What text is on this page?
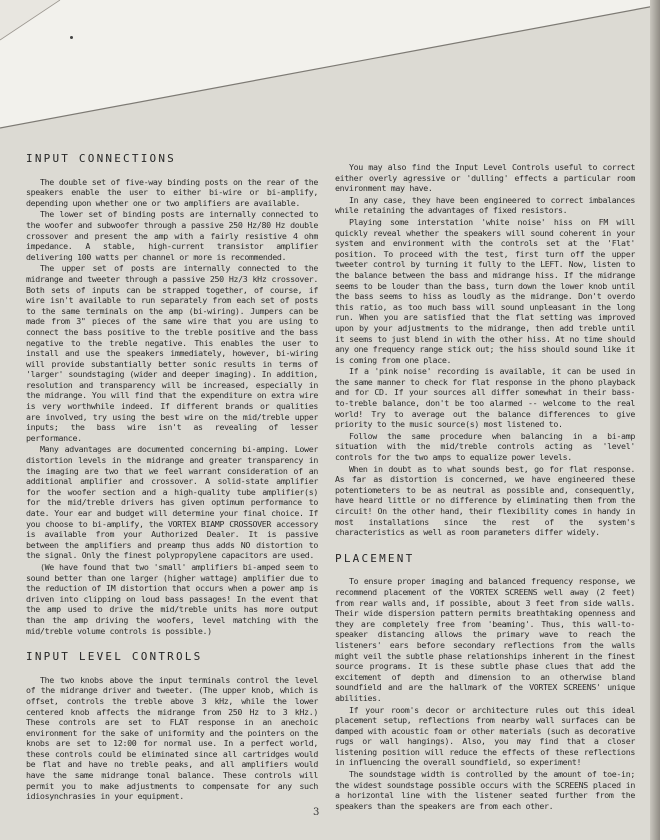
INPUT CONNECTIONS

The double set of five-way binding posts on the rear of the speakers enable the user to either bi-wire or bi-amplify, depending upon whether one or two amplifiers are available.

The lower set of binding posts are internally connected to the woofer and subwoofer through a passive 250 Hz/80 Hz double crossover and present the amp with a fairly resistive 4 ohm impedance. A stable, high-current transistor amplifier delivering 100 watts per channel or more is recommended.

The upper set of posts are internally connected to the midrange and tweeter through a passive 250 Hz/3 kHz crossover. Both sets of inputs can be strapped together, of course, if wire isn't available to run separately from each set of posts to the same terminals on the amp (bi-wiring). Jumpers can be made from 3" pieces of the same wire that you are using to connect the bass positive to the treble positive and the bass negative to the treble negative. This enables the user to install and use the speakers immediately, however, bi-wiring will provide substantially better sonic results in terms of 'larger' soundstaging (wider and deeper imaging). In addition, resolution and transparency will be increased, especially in the midrange. You will find that the expenditure on extra wire is very worthwhile indeed. If different brands or qualities are involved, try using the best wire on the mid/treble upper inputs; the bass wire isn't as revealing of lesser performance.

Many advantages are documented concerning bi-amping. Lower distortion levels in the midrange and greater transparency in the imaging are two that we feel warrant consideration of an additional amplifier and crossover. A solid-state amplifier for the woofer section and a high-quality tube amplifier(s) for the mid/treble drivers has given optimum performance to date. Your ear and budget will determine your final choice. If you choose to bi-amplify, the VORTEX BIAMP CROSSOVER accessory is available from your Authorized Dealer. It is passive between the amplifiers and preamp thus adds NO distortion to the signal. Only the finest polypropylene capacitors are used.

(We have found that two 'small' amplifiers bi-amped seem to sound better than one larger (higher wattage) amplifier due to the reduction of IM distortion that occurs when a power amp is driven into clipping on loud bass passages! In the event that the amp used to drive the mid/treble units has more output than the amp driving the woofers, level matching with the mid/treble volume controls is possible.)

INPUT LEVEL CONTROLS

The two knobs above the input terminals control the level of the midrange driver and tweeter. (The upper knob, which is offset, controls the treble above 3 kHz, while the lower centered knob affects the midrange from 250 Hz to 3 kHz.) These controls are set to FLAT response in an anechoic environment for the sake of uniformity and the pointers on the knobs are set to 12:00 for normal use. In a perfect world, these controls could be eliminated since all cartridges would be flat and have no treble peaks, and all amplifiers would have the same midrange tonal balance. These controls will permit you to make adjustments to compensate for any such idiosynchrasies in your equipment.

You may also find the Input Level Controls useful to correct either overly agressive or 'dulling' effects a particular room environment may have.

In any case, they have been engineered to correct imbalances while retaining the advantages of fixed resistors.

Playing some interstation 'white noise' hiss on FM will quickly reveal whether the speakers will sound coherent in your system and environment with the controls set at the 'Flat' position. To proceed with the test, first turn off the upper tweeter control by turning it fully to the LEFT. Now, listen to the balance between the bass and midrange hiss. If the midrange seems to be louder than the bass, turn down the lower knob until the bass seems to hiss as loudly as the midrange. Don't overdo this ratio, as too much bass will sound unpleasant in the long run. When you are satisfied that the flat setting was improved upon by your adjustments to the midrange, then add treble until it seems to just blend in with the other hiss. At no time should any one frequency range stick out; the hiss should sound like it is coming from one place.

If a 'pink noise' recording is available, it can be used in the same manner to check for flat response in the phono playback and for CD. If your sources all differ somewhat in their bass-to-treble balance, don't be too alarmed -- welcome to the real world! Try to average out the balance differences to give priority to the music source(s) most listened to.

Follow the same procedure when balancing in a bi-amp situation with the mid/treble controls acting as 'level' controls for the two amps to equalize power levels.

When in doubt as to what sounds best, go for flat response. As far as distortion is concerned, we have engineered these potentiometers to be as neutral as possible and, consequently, have heard little or no difference by eliminating them from the circuit! On the other hand, their flexibility comes in handy in most installations since the rest of the system's characteristics as well as room parameters differ widely.

PLACEMENT

To ensure proper imaging and balanced frequency response, we recommend placement of the VORTEX SCREENS well away (2 feet) from rear walls and, if possible, about 3 feet from side walls. Their wide dispersion pattern permits breathtaking openness and they are completely free from 'beaming'. Thus, this wall-to-speaker distancing allows the primary wave to reach the listeners' ears before secondary reflections from the walls might veil the subtle phase relationships inherent in the finest source programs. It is these subtle phase clues that add the excitement of depth and dimension to an otherwise bland soundfield and are the hallmark of the VORTEX SCREENS' unique abilities.

If your room's decor or architecture rules out this ideal placement setup, reflections from nearby wall surfaces can be damped with acoustic foam or other materials (such as decorative rugs or wall hangings). Also, you may find that a closer listening position will reduce the effects of these reflections in influencing the overall soundfield, so experiment!

The soundstage width is controlled by the amount of toe-in; the widest soundstage possible occurs with the SCREENS placed in a horizontal line with the listener seated further from the speakers than the speakers are from each other.

3
